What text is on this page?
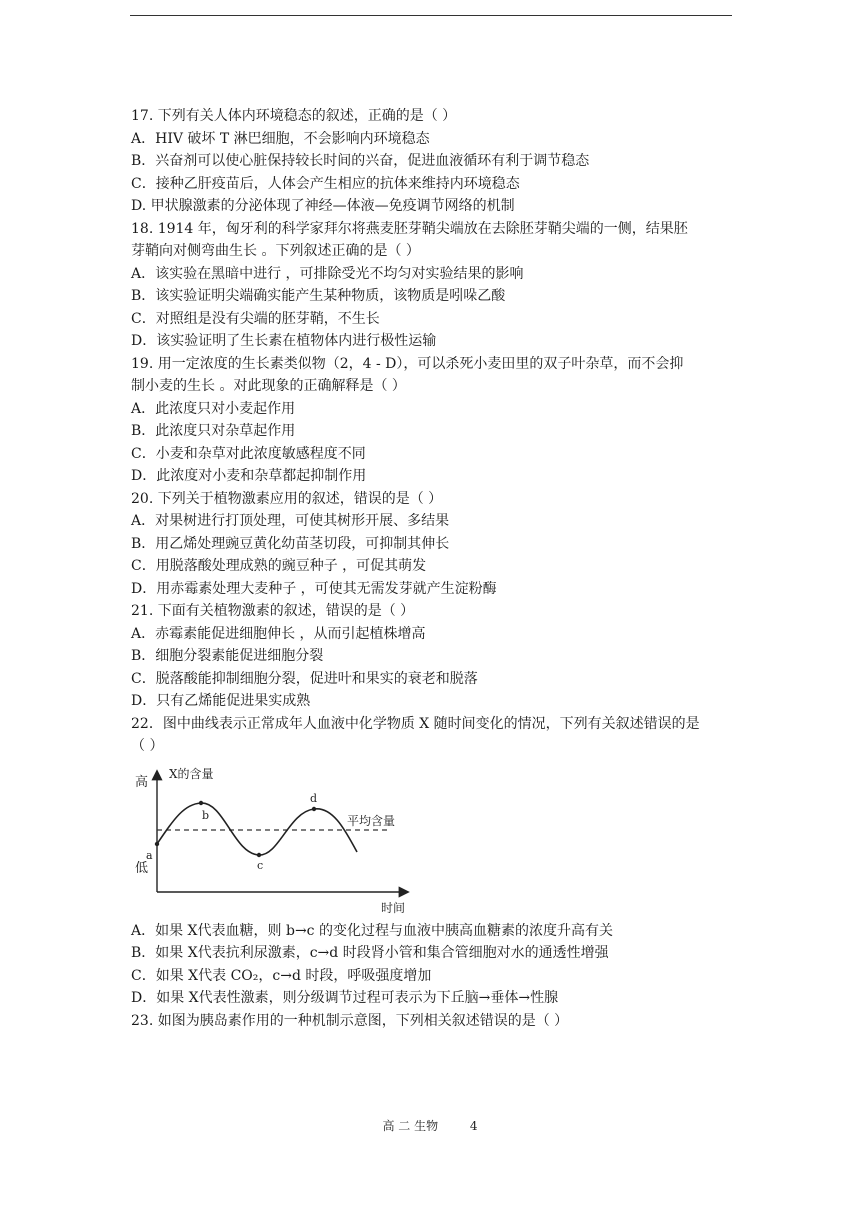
17. 下列有关人体内环境稳态的叙述，正确的是（ ）
A．HIV 破坏 T 淋巴细胞，不会影响内环境稳态
B．兴奋剂可以使心脏保持较长时间的兴奋，促进血液循环有利于调节稳态
C．接种乙肝疫苗后，人体会产生相应的抗体来维持内环境稳态
D. 甲状腺激素的分泌体现了神经—体液—免疫调节网络的机制
18. 1914 年，匈牙利的科学家拜尔将燕麦胚芽鞘尖端放在去除胚芽鞘尖端的一侧，结果胚
芽鞘向对侧弯曲生长 。下列叙述正确的是（ ）
A．该实验在黑暗中进行 ，可排除受光不均匀对实验结果的影响
B．该实验证明尖端确实能产生某种物质，该物质是吲哚乙酸
C．对照组是没有尖端的胚芽鞘，不生长
D．该实验证明了生长素在植物体内进行极性运输
19. 用一定浓度的生长素类似物（2，4 - D），可以杀死小麦田里的双子叶杂草，而不会抑
制小麦的生长 。对此现象的正确解释是（ ）
A．此浓度只对小麦起作用
B．此浓度只对杂草起作用
C．小麦和杂草对此浓度敏感程度不同
D．此浓度对小麦和杂草都起抑制作用
20. 下列关于植物激素应用的叙述，错误的是（ ）
A．对果树进行打顶处理，可使其树形开展、多结果
B．用乙烯处理豌豆黄化幼苗茎切段，可抑制其伸长
C．用脱落酸处理成熟的豌豆种子 ，可促其萌发
D．用赤霉素处理大麦种子 ，可使其无需发芽就产生淀粉酶
21. 下面有关植物激素的叙述，错误的是（ ）
A．赤霉素能促进细胞伸长 ，从而引起植株增高
B．细胞分裂素能促进细胞分裂
C．脱落酸能抑制细胞分裂，促进叶和果实的衰老和脱落
D．只有乙烯能促进果实成熟
22．图中曲线表示正常成年人血液中化学物质 X 随时间变化的情况，下列有关叙述错误的是
（ ）
高
低
X的含量
时间
平均含量
a
b
c
d
A．如果 X代表血糖，则 b→c 的变化过程与血液中胰高血糖素的浓度升高有关
B．如果 X代表抗利尿激素，c→d 时段肾小管和集合管细胞对水的通透性增强
C．如果 X代表 CO₂，c→d 时段，呼吸强度增加
D．如果 X代表性激素，则分级调节过程可表示为下丘脑→垂体→性腺
23. 如图为胰岛素作用的一种机制示意图，下列相关叙述错误的是（ ）
高 二 生物	4
